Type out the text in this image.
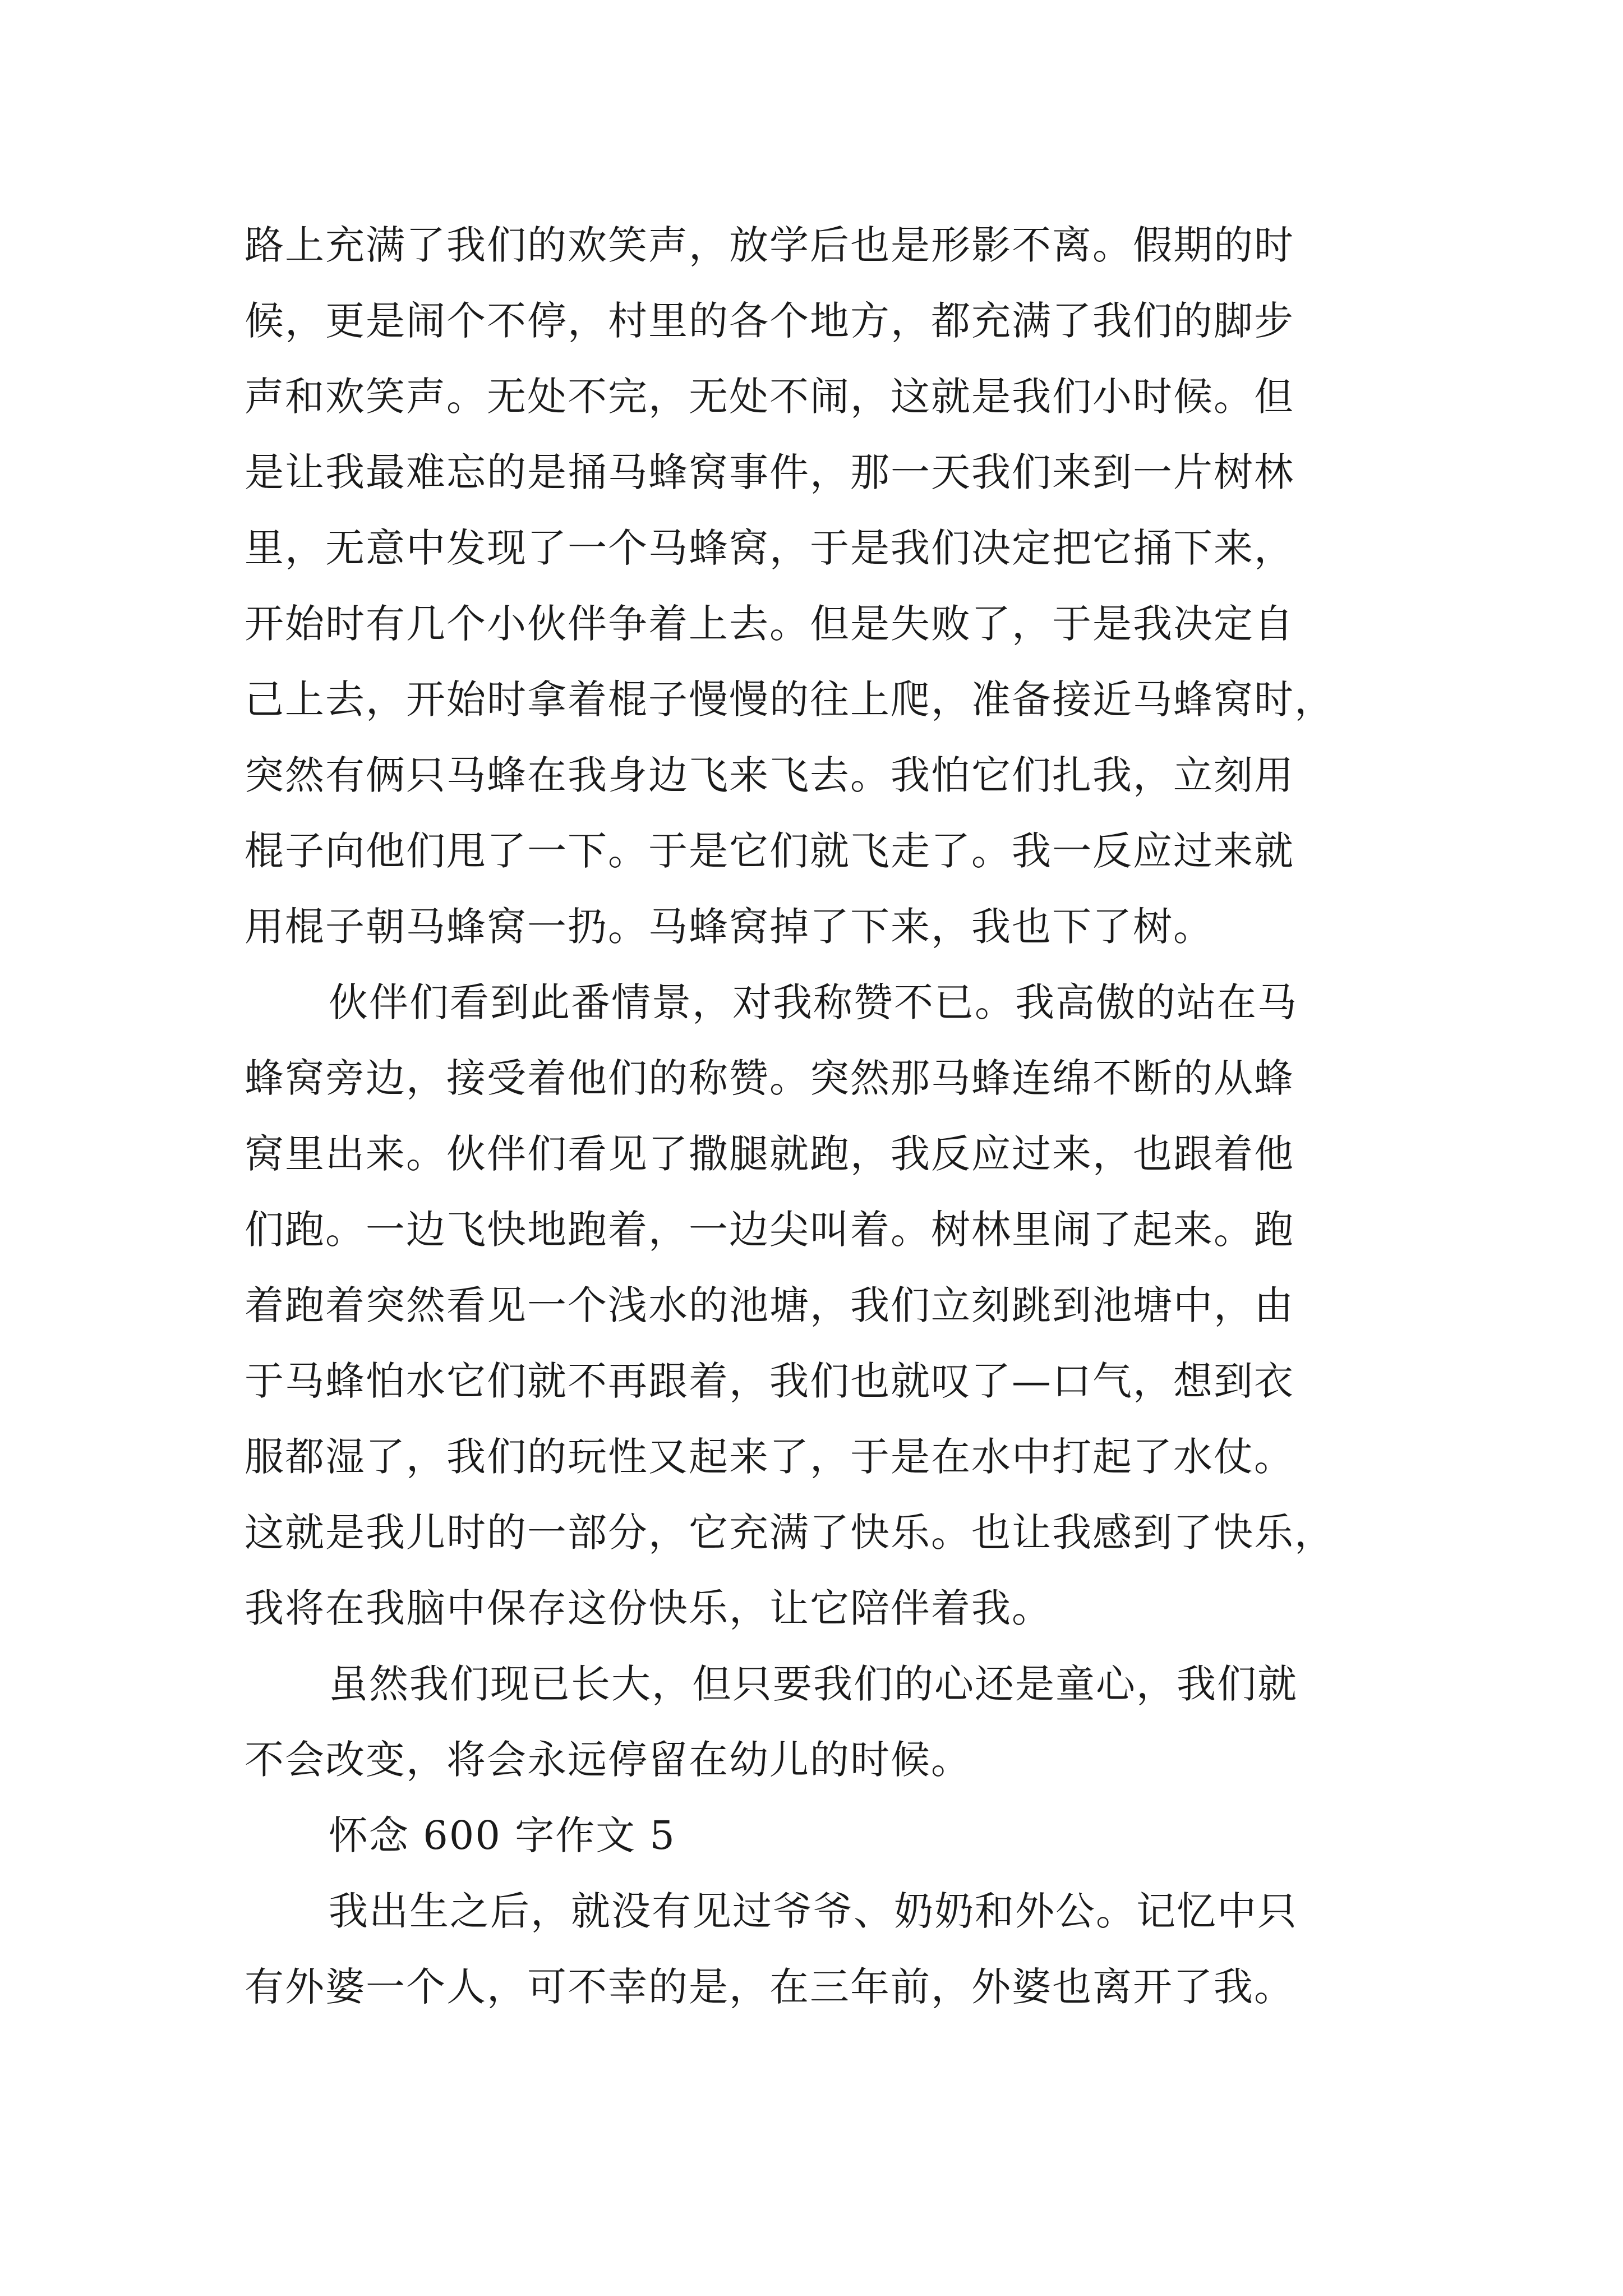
路上充满了我们的欢笑声，放学后也是形影不离。假期的时
候，更是闹个不停，村里的各个地方，都充满了我们的脚步
声和欢笑声。无处不完，无处不闹，这就是我们小时候。但
是让我最难忘的是捅马蜂窝事件，那一天我们来到一片树林
里，无意中发现了一个马蜂窝，于是我们决定把它捅下来，
开始时有几个小伙伴争着上去。但是失败了，于是我决定自
己上去，开始时拿着棍子慢慢的往上爬，准备接近马蜂窝时，
突然有俩只马蜂在我身边飞来飞去。我怕它们扎我，立刻用
棍子向他们甩了一下。于是它们就飞走了。我一反应过来就
用棍子朝马蜂窝一扔。马蜂窝掉了下来，我也下了树。
伙伴们看到此番情景，对我称赞不已。我高傲的站在马
蜂窝旁边，接受着他们的称赞。突然那马蜂连绵不断的从蜂
窝里出来。伙伴们看见了撒腿就跑，我反应过来，也跟着他
们跑。一边飞快地跑着，一边尖叫着。树林里闹了起来。跑
着跑着突然看见一个浅水的池塘，我们立刻跳到池塘中，由
于马蜂怕水它们就不再跟着，我们也就叹了—口气，想到衣
服都湿了，我们的玩性又起来了，于是在水中打起了水仗。
这就是我儿时的一部分，它充满了快乐。也让我感到了快乐，
我将在我脑中保存这份快乐，让它陪伴着我。
虽然我们现已长大，但只要我们的心还是童心，我们就
不会改变，将会永远停留在幼儿的时候。
怀念 600 字作文 5
我出生之后，就没有见过爷爷、奶奶和外公。记忆中只
有外婆一个人，可不幸的是，在三年前，外婆也离开了我。
